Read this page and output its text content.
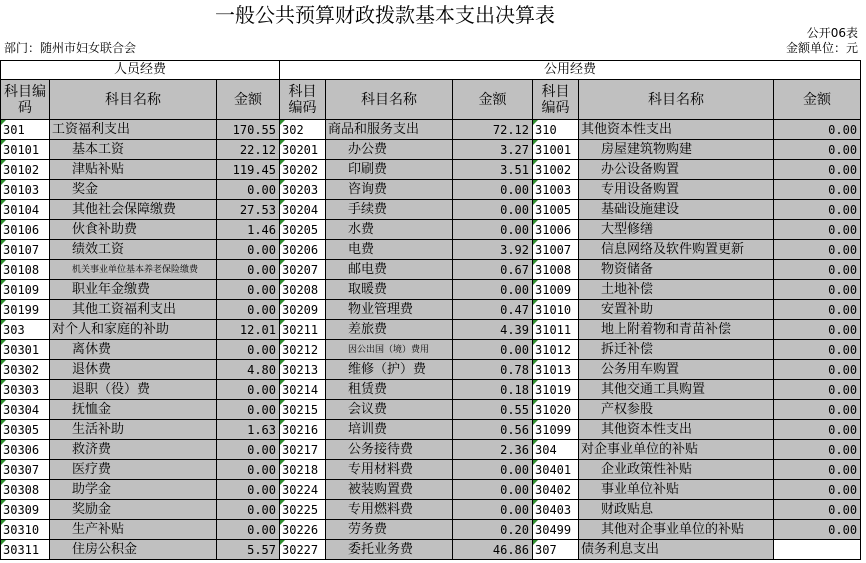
一般公共预算财政拨款基本支出决算表
公开06表
部门：随州市妇女联合会	金额单位：元
人员经费			公用经费					
科目编码	科目名称	金额	科目编码	科目名称	金额	科目编码	科目名称	金额
301	工资福利支出	170.55	302	商品和服务支出	72.12	310	其他资本性支出	0.00
30101	基本工资	22.12	30201	办公费	3.27	31001	房屋建筑物购建	0.00
30102	津贴补贴	119.45	30202	印刷费	3.51	31002	办公设备购置	0.00
30103	奖金	0.00	30203	咨询费	0.00	31003	专用设备购置	0.00
30104	其他社会保障缴费	27.53	30204	手续费	0.00	31005	基础设施建设	0.00
30106	伙食补助费	1.46	30205	水费	0.00	31006	大型修缮	0.00
30107	绩效工资	0.00	30206	电费	3.92	31007	信息网络及软件购置更新	0.00
30108	机关事业单位基本养老保险缴费	0.00	30207	邮电费	0.67	31008	物资储备	0.00
30109	职业年金缴费	0.00	30208	取暖费	0.00	31009	土地补偿	0.00
30199	其他工资福利支出	0.00	30209	物业管理费	0.47	31010	安置补助	0.00
303	对个人和家庭的补助	12.01	30211	差旅费	4.39	31011	地上附着物和青苗补偿	0.00
30301	离休费	0.00	30212	因公出国（境）费用	0.00	31012	拆迁补偿	0.00
30302	退休费	4.80	30213	维修（护）费	0.78	31013	公务用车购置	0.00
30303	退职（役）费	0.00	30214	租赁费	0.18	31019	其他交通工具购置	0.00
30304	抚恤金	0.00	30215	会议费	0.55	31020	产权参股	0.00
30305	生活补助	1.63	30216	培训费	0.56	31099	其他资本性支出	0.00
30306	救济费	0.00	30217	公务接待费	2.36	304	对企事业单位的补贴	0.00
30307	医疗费	0.00	30218	专用材料费	0.00	30401	企业政策性补贴	0.00
30308	助学金	0.00	30224	被装购置费	0.00	30402	事业单位补贴	0.00
30309	奖励金	0.00	30225	专用燃料费	0.00	30403	财政贴息	0.00
30310	生产补贴	0.00	30226	劳务费	0.20	30499	其他对企事业单位的补贴	0.00
30311	住房公积金	5.57	30227	委托业务费	46.86	307	债务利息支出	
